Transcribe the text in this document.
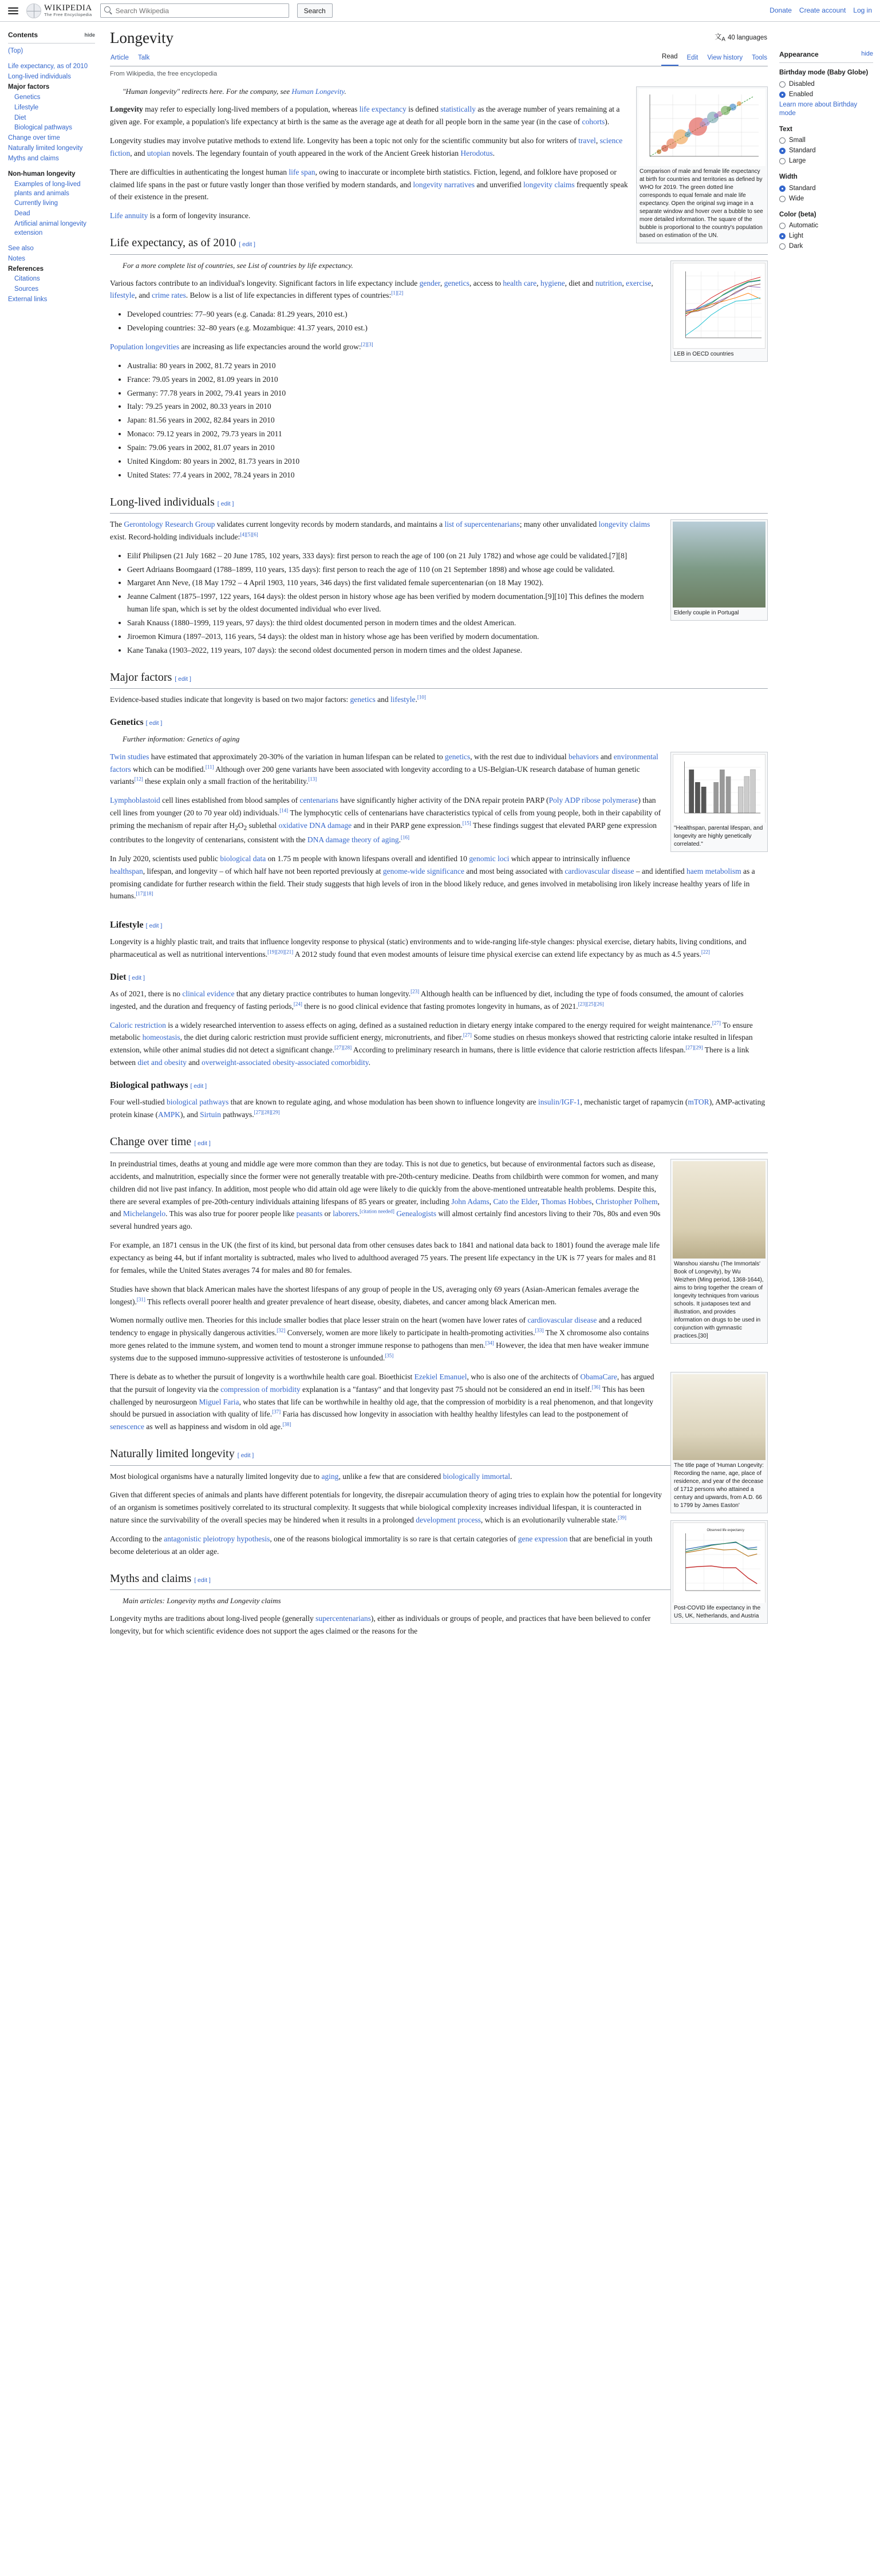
WIKIPEDIA
The Free Encyclopedia
Search Wikipedia
Search	Donate Create account Log in
Contents	hide
(Top)
Life expectancy, as of 2010
Long-lived individuals
Major factors
Genetics
Lifestyle
Diet
Biological pathways
Change over time
Naturally limited longevity
Myths and claims
Non-human longevity
Examples of long-lived plants and animals
Currently living
Dead
Artificial animal longevity extension
See also
Notes
References
Citations
Sources
External links
Longevity	文$_A$ 40 languages
Article Talk	Read Edit View history Tools
From Wikipedia, the free encyclopedia
Comparison of male and female life expectancy at birth for countries and territories as defined by WHO for 2019. The green dotted line corresponds to equal female and male life expectancy. Open the original svg image in a separate window and hover over a bubble to see more detailed information. The square of the bubble is proportional to the country's population based on estimation of the UN.

"Human longevity" redirects here. For the company, see Human Longevity.

Longevity may refer to especially long-lived members of a population, whereas life expectancy is defined statistically as the average number of years remaining at a given age. For example, a population's life expectancy at birth is the same as the average age at death for all people born in the same year (in the case of cohorts).

Longevity studies may involve putative methods to extend life. Longevity has been a topic not only for the scientific community but also for writers of travel, science fiction, and utopian novels. The legendary fountain of youth appeared in the work of the Ancient Greek historian Herodotus.

There are difficulties in authenticating the longest human life span, owing to inaccurate or incomplete birth statistics. Fiction, legend, and folklore have proposed or claimed life spans in the past or future vastly longer than those verified by modern standards, and longevity narratives and unverified longevity claims frequently speak of their existence in the present.

Life annuity is a form of longevity insurance.

Life expectancy, as of 2010 [ edit ]
LEB in OECD countries

For a more complete list of countries, see List of countries by life expectancy.

Various factors contribute to an individual's longevity. Significant factors in life expectancy include gender, genetics, access to health care, hygiene, diet and nutrition, exercise, lifestyle, and crime rates. Below is a list of life expectancies in different types of countries:[1][2]

• Developed countries: 77–90 years (e.g. Canada: 81.29 years, 2010 est.)
• Developing countries: 32–80 years (e.g. Mozambique: 41.37 years, 2010 est.)

Population longevities are increasing as life expectancies around the world grow:[2][3]

• Australia: 80 years in 2002, 81.72 years in 2010
• France: 79.05 years in 2002, 81.09 years in 2010
• Germany: 77.78 years in 2002, 79.41 years in 2010
• Italy: 79.25 years in 2002, 80.33 years in 2010
• Japan: 81.56 years in 2002, 82.84 years in 2010
• Monaco: 79.12 years in 2002, 79.73 years in 2011
• Spain: 79.06 years in 2002, 81.07 years in 2010
• United Kingdom: 80 years in 2002, 81.73 years in 2010
• United States: 77.4 years in 2002, 78.24 years in 2010
Long-lived individuals [ edit ]
Elderly couple in Portugal

The Gerontology Research Group validates current longevity records by modern standards, and maintains a list of supercentenarians; many other unvalidated longevity claims exist. Record-holding individuals include:[4][5][6]

• Eilif Philipsen (21 July 1682 – 20 June 1785, 102 years, 333 days): first person to reach the age of 100 (on 21 July 1782) and whose age could be validated.[7][8]
• Geert Adriaans Boomgaard (1788–1899, 110 years, 135 days): first person to reach the age of 110 (on 21 September 1898) and whose age could be validated.
• Margaret Ann Neve, (18 May 1792 – 4 April 1903, 110 years, 346 days) the first validated female supercentenarian (on 18 May 1902).
• Jeanne Calment (1875–1997, 122 years, 164 days): the oldest person in history whose age has been verified by modern documentation.[9][10] This defines the modern human life span, which is set by the oldest documented individual who ever lived.
• Sarah Knauss (1880–1999, 119 years, 97 days): the third oldest documented person in modern times and the oldest American.
• Jiroemon Kimura (1897–2013, 116 years, 54 days): the oldest man in history whose age has been verified by modern documentation.
• Kane Tanaka (1903–2022, 119 years, 107 days): the second oldest documented person in modern times and the oldest Japanese.
Major factors [ edit ]

Evidence-based studies indicate that longevity is based on two major factors: genetics and lifestyle.[10]

Genetics [ edit ]

Further information: Genetics of aging

"Healthspan, parental lifespan, and longevity are highly genetically correlated."

Twin studies have estimated that approximately 20-30% of the variation in human lifespan can be related to genetics, with the rest due to individual behaviors and environmental factors which can be modified.[11] Although over 200 gene variants have been associated with longevity according to a US-Belgian-UK research database of human genetic variants[12] these explain only a small fraction of the heritability.[13]

Lymphoblastoid cell lines established from blood samples of centenarians have significantly higher activity of the DNA repair protein PARP (Poly ADP ribose polymerase) than cell lines from younger (20 to 70 year old) individuals.[14] The lymphocytic cells of centenarians have characteristics typical of cells from young people, both in their capability of priming the mechanism of repair after $H_2O_2$ sublethal oxidative DNA damage and in their PARP gene expression.[15] These findings suggest that elevated PARP gene expression contributes to the longevity of centenarians, consistent with the DNA damage theory of aging.[16]

In July 2020, scientists used public biological data on 1.75 m people with known lifespans overall and identified 10 genomic loci which appear to intrinsically influence healthspan, lifespan, and longevity – of which half have not been reported previously at genome-wide significance and most being associated with cardiovascular disease – and identified haem metabolism as a promising candidate for further research within the field. Their study suggests that high levels of iron in the blood likely reduce, and genes involved in metabolising iron likely increase healthy years of life in humans.[17][18]

Lifestyle [ edit ]

Longevity is a highly plastic trait, and traits that influence longevity response to physical (static) environments and to wide-ranging life-style changes: physical exercise, dietary habits, living conditions, and pharmaceutical as well as nutritional interventions.[19][20][21] A 2012 study found that even modest amounts of leisure time physical exercise can extend life expectancy by as much as 4.5 years.[22]

Diet [ edit ]

As of 2021, there is no clinical evidence that any dietary practice contributes to human longevity.[23] Although health can be influenced by diet, including the type of foods consumed, the amount of calories ingested, and the duration and frequency of fasting periods,[24] there is no good clinical evidence that fasting promotes longevity in humans, as of 2021.[23][25][26]

Caloric restriction is a widely researched intervention to assess effects on aging, defined as a sustained reduction in dietary energy intake compared to the energy required for weight maintenance.[27] To ensure metabolic homeostasis, the diet during caloric restriction must provide sufficient energy, micronutrients, and fiber.[27] Some studies on rhesus monkeys showed that restricting calorie intake resulted in lifespan extension, while other animal studies did not detect a significant change.[27][28] According to preliminary research in humans, there is little evidence that calorie restriction affects lifespan.[27][29] There is a link between diet and obesity and overweight-associated obesity-associated comorbidity.

Biological pathways [ edit ]

Four well-studied biological pathways that are known to regulate aging, and whose modulation has been shown to influence longevity are insulin/IGF-1, mechanistic target of rapamycin (mTOR), AMP-activating protein kinase (AMPK), and Sirtuin pathways.[27][28][29]

Change over time [ edit ]
Wanshou xianshu (The Immortals' Book of Longevity), by Wu Weizhen (Ming period, 1368-1644), aims to bring together the cream of longevity techniques from various schools. It juxtaposes text and illustration, and provides information on drugs to be used in conjunction with gymnastic practices.[30]

In preindustrial times, deaths at young and middle age were more common than they are today. This is not due to genetics, but because of environmental factors such as disease, accidents, and malnutrition, especially since the former were not generally treatable with pre-20th-century medicine. Deaths from childbirth were common for women, and many children did not live past infancy. In addition, most people who did attain old age were likely to die quickly from the above-mentioned untreatable health problems. Despite this, there are several examples of pre-20th-century individuals attaining lifespans of 85 years or greater, including John Adams, Cato the Elder, Thomas Hobbes, Christopher Polhem, and Michelangelo. This was also true for poorer people like peasants or laborers.[citation needed] Genealogists will almost certainly find ancestors living to their 70s, 80s and even 90s several hundred years ago.

For example, an 1871 census in the UK (the first of its kind, but personal data from other censuses dates back to 1841 and national data back to 1801) found the average male life expectancy as being 44, but if infant mortality is subtracted, males who lived to adulthood averaged 75 years. The present life expectancy in the UK is 77 years for males and 81 for females, while the United States averages 74 for males and 80 for females.

Studies have shown that black American males have the shortest lifespans of any group of people in the US, averaging only 69 years (Asian-American females average the longest).[31] This reflects overall poorer health and greater prevalence of heart disease, obesity, diabetes, and cancer among black American men.

Women normally outlive men. Theories for this include smaller bodies that place lesser strain on the heart (women have lower rates of cardiovascular disease and a reduced tendency to engage in physically dangerous activities.[32] Conversely, women are more likely to participate in health-promoting activities.[33] The X chromosome also contains more genes related to the immune system, and women tend to mount a stronger immune response to pathogens than men.[34] However, the idea that men have weaker immune systems due to the supposed immuno-suppressive activities of testosterone is unfounded.[35]

The title page of 'Human Longevity: Recording the name, age, place of residence, and year of the decease of 1712 persons who attained a century and upwards, from A.D. 66 to 1799 by James Easton'

There is debate as to whether the pursuit of longevity is a worthwhile health care goal. Bioethicist Ezekiel Emanuel, who is also one of the architects of ObamaCare, has argued that the pursuit of longevity via the compression of morbidity explanation is a "fantasy" and that longevity past 75 should not be considered an end in itself.[36] This has been challenged by neurosurgeon Miguel Faria, who states that life can be worthwhile in healthy old age, that the compression of morbidity is a real phenomenon, and that longevity should be pursued in association with quality of life.[37] Faria has discussed how longevity in association with healthy healthy lifestyles can lead to the postponement of senescence as well as happiness and wisdom in old age.[38]

Naturally limited longevity [ edit ]
Observed life expectancy
Post-COVID life expectancy in the US, UK, Netherlands, and Austria

Most biological organisms have a naturally limited longevity due to aging, unlike a few that are considered biologically immortal.

Given that different species of animals and plants have different potentials for longevity, the disrepair accumulation theory of aging tries to explain how the potential for longevity of an organism is sometimes positively correlated to its structural complexity. It suggests that while biological complexity increases individual lifespan, it is counteracted in nature since the survivability of the overall species may be hindered when it results in a prolonged development process, which is an evolutionarily vulnerable state.[39]

According to the antagonistic pleiotropy hypothesis, one of the reasons biological immortality is so rare is that certain categories of gene expression that are beneficial in youth become deleterious at an older age.

Myths and claims [ edit ]

Main articles: Longevity myths and Longevity claims

Longevity myths are traditions about long-lived people (generally supercentenarians), either as individuals or groups of people, and practices that have been believed to confer longevity, but for which scientific evidence does not support the ages claimed or the reasons for the

Appearance	hide
Birthday mode (Baby Globe)
Disabled
Enabled
Learn more about Birthday mode
Text
Small
Standard
Large
Width
Standard
Wide
Color (beta)
Automatic
Light
Dark
